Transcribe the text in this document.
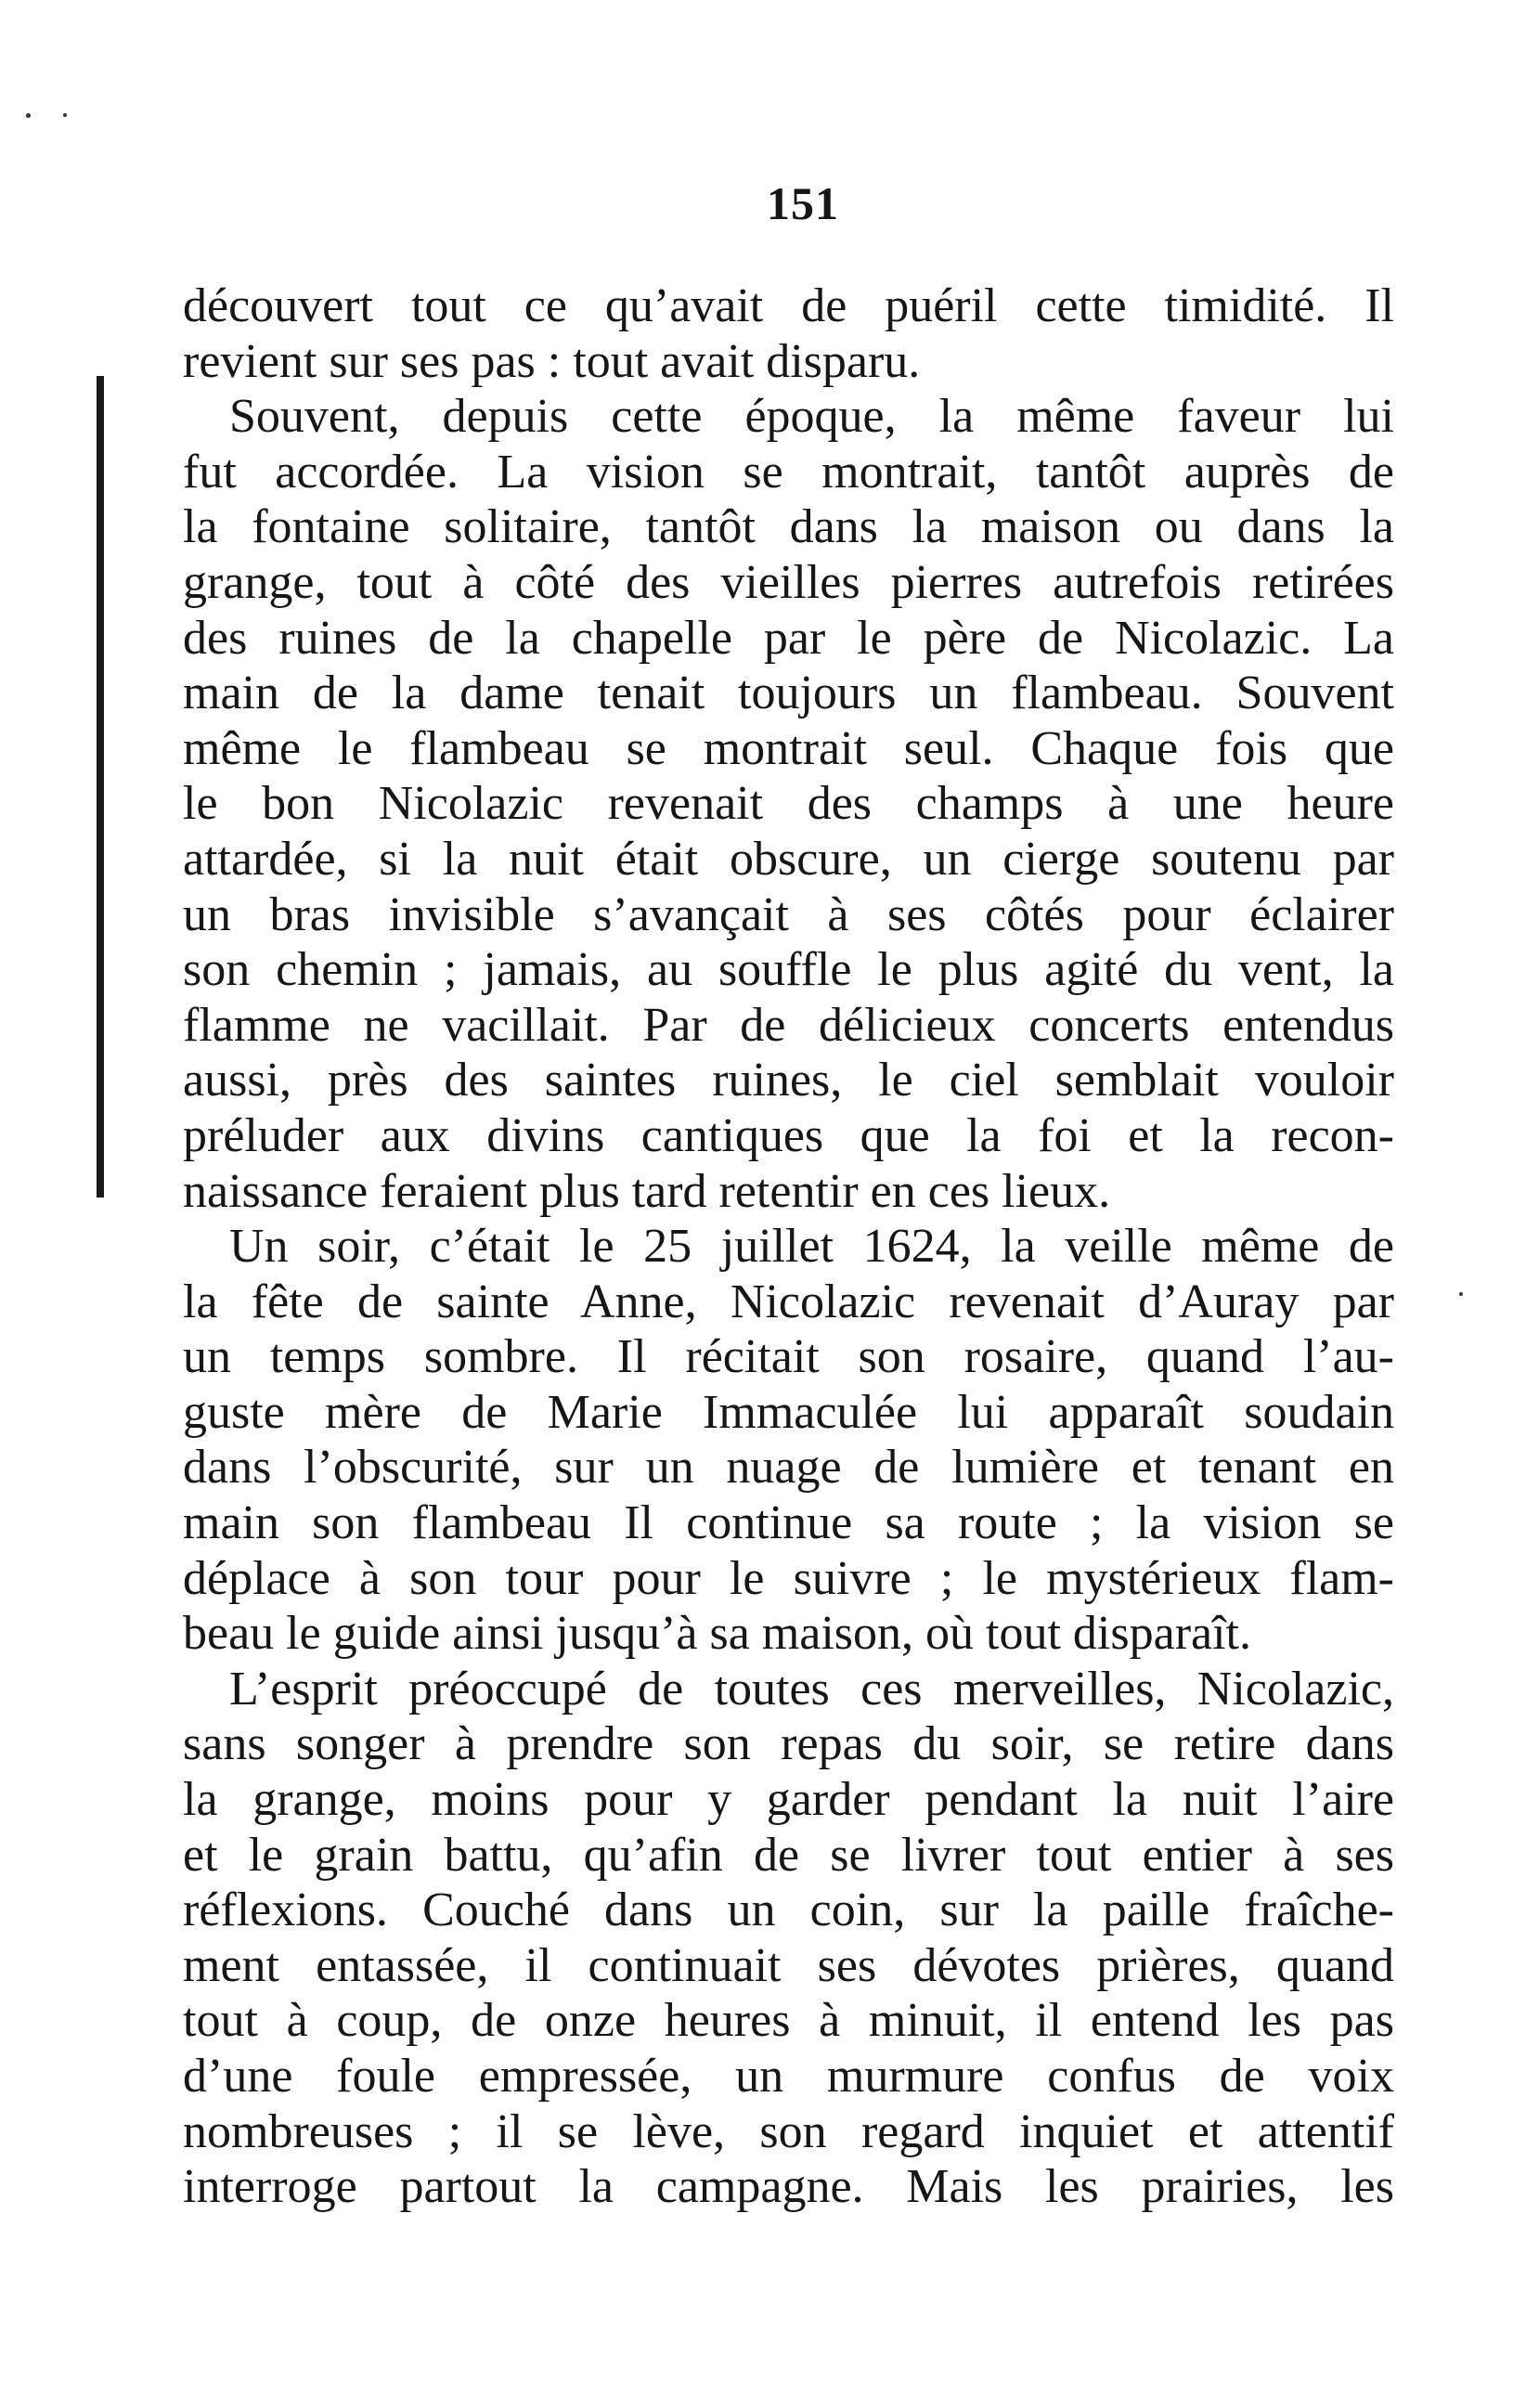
151
découvert tout ce qu’avait de puéril cette timidité. Il
revient sur ses pas : tout avait disparu.
Souvent, depuis cette époque, la même faveur lui
fut accordée. La vision se montrait, tantôt auprès de
la fontaine solitaire, tantôt dans la maison ou dans la
grange, tout à côté des vieilles pierres autrefois retirées
des ruines de la chapelle par le père de Nicolazic. La
main de la dame tenait toujours un flambeau. Souvent
même le flambeau se montrait seul. Chaque fois que
le bon Nicolazic revenait des champs à une heure
attardée, si la nuit était obscure, un cierge soutenu par
un bras invisible s’avançait à ses côtés pour éclairer
son chemin ; jamais, au souffle le plus agité du vent, la
flamme ne vacillait. Par de délicieux concerts entendus
aussi, près des saintes ruines, le ciel semblait vouloir
préluder aux divins cantiques que la foi et la recon-
naissance feraient plus tard retentir en ces lieux.
Un soir, c’était le 25 juillet 1624, la veille même de
la fête de sainte Anne, Nicolazic revenait d’Auray par
un temps sombre. Il récitait son rosaire, quand l’au-
guste mère de Marie Immaculée lui apparaît soudain
dans l’obscurité, sur un nuage de lumière et tenant en
main son flambeau Il continue sa route ; la vision se
déplace à son tour pour le suivre ; le mystérieux flam-
beau le guide ainsi jusqu’à sa maison, où tout disparaît.
L’esprit préoccupé de toutes ces merveilles, Nicolazic,
sans songer à prendre son repas du soir, se retire dans
la grange, moins pour y garder pendant la nuit l’aire
et le grain battu, qu’afin de se livrer tout entier à ses
réflexions. Couché dans un coin, sur la paille fraîche-
ment entassée, il continuait ses dévotes prières, quand
tout à coup, de onze heures à minuit, il entend les pas
d’une foule empressée, un murmure confus de voix
nombreuses ; il se lève, son regard inquiet et attentif
interroge partout la campagne. Mais les prairies, les
